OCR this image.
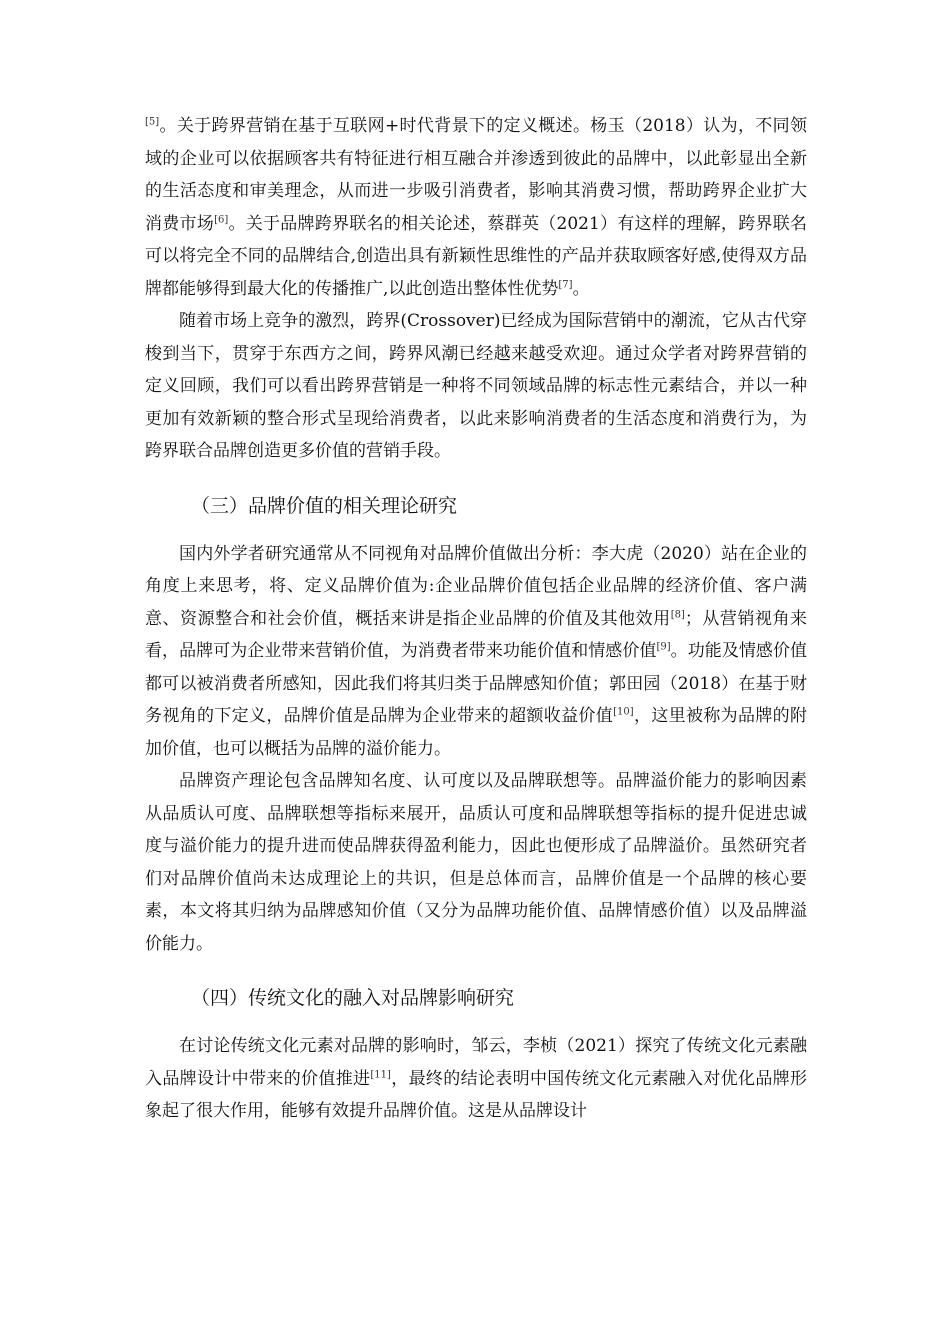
[5]。关于跨界营销在基于互联网+时代背景下的定义概述。杨玉（2018）认为，不同领域的企业可以依据顾客共有特征进行相互融合并渗透到彼此的品牌中，以此彰显出全新的生活态度和审美理念，从而进一步吸引消费者，影响其消费习惯，帮助跨界企业扩大消费市场[6]。关于品牌跨界联名的相关论述，蔡群英（2021）有这样的理解，跨界联名可以将完全不同的品牌结合,创造出具有新颖性思维性的产品并获取顾客好感,使得双方品牌都能够得到最大化的传播推广,以此创造出整体性优势[7]。

随着市场上竞争的激烈，跨界(Crossover)已经成为国际营销中的潮流，它从古代穿梭到当下，贯穿于东西方之间，跨界风潮已经越来越受欢迎。通过众学者对跨界营销的定义回顾，我们可以看出跨界营销是一种将不同领域品牌的标志性元素结合，并以一种更加有效新颖的整合形式呈现给消费者，以此来影响消费者的生活态度和消费行为，为跨界联合品牌创造更多价值的营销手段。

（三）品牌价值的相关理论研究

国内外学者研究通常从不同视角对品牌价值做出分析：李大虎（2020）站在企业的角度上来思考，将、定义品牌价值为:企业品牌价值包括企业品牌的经济价值、客户满意、资源整合和社会价值，概括来讲是指企业品牌的价值及其他效用[8]；从营销视角来看，品牌可为企业带来营销价值，为消费者带来功能价值和情感价值[9]。功能及情感价值都可以被消费者所感知，因此我们将其归类于品牌感知价值；郭田园（2018）在基于财务视角的下定义，品牌价值是品牌为企业带来的超额收益价值[10]，这里被称为品牌的附加价值，也可以概括为品牌的溢价能力。

品牌资产理论包含品牌知名度、认可度以及品牌联想等。品牌溢价能力的影响因素从品质认可度、品牌联想等指标来展开，品质认可度和品牌联想等指标的提升促进忠诚度与溢价能力的提升进而使品牌获得盈利能力，因此也便形成了品牌溢价。虽然研究者们对品牌价值尚未达成理论上的共识，但是总体而言，品牌价值是一个品牌的核心要素，本文将其归纳为品牌感知价值（又分为品牌功能价值、品牌情感价值）以及品牌溢价能力。

（四）传统文化的融入对品牌影响研究

在讨论传统文化元素对品牌的影响时，邹云，李桢（2021）探究了传统文化元素融入品牌设计中带来的价值推进[11]，最终的结论表明中国传统文化元素融入对优化品牌形象起了很大作用，能够有效提升品牌价值。这是从品牌设计
